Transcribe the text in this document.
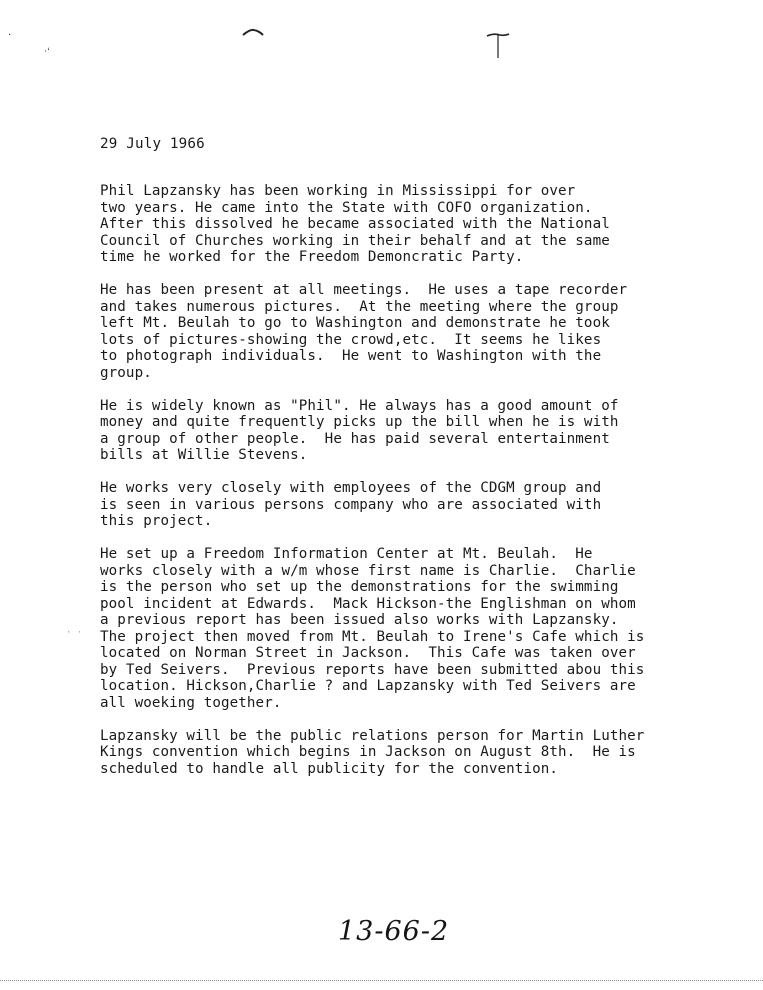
·
·‘
29 July 1966
Phil Lapzansky has been working in Mississippi for over
two years. He came into the State with COFO organization.
After this dissolved he became associated with the National
Council of Churches working in their behalf and at the same
time he worked for the Freedom Demoncratic Party.
He has been present at all meetings.  He uses a tape recorder
and takes numerous pictures.  At the meeting where the group
left Mt. Beulah to go to Washington and demonstrate he took
lots of pictures-showing the crowd,etc.  It seems he likes
to photograph individuals.  He went to Washington with the
group.
He is widely known as "Phil". He always has a good amount of
money and quite frequently picks up the bill when he is with
a group of other people.  He has paid several entertainment
bills at Willie Stevens.
He works very closely with employees of the CDGM group and
is seen in various persons company who are associated with
this project.
He set up a Freedom Information Center at Mt. Beulah.  He
works closely with a w/m whose first name is Charlie.  Charlie
is the person who set up the demonstrations for the swimming
pool incident at Edwards.  Mack Hickson-the Englishman on whom
a previous report has been issued also works with Lapzansky.
The project then moved from Mt. Beulah to Irene's Cafe which is
located on Norman Street in Jackson.  This Cafe was taken over
by Ted Seivers.  Previous reports have been submitted abou this
location. Hickson,Charlie ? and Lapzansky with Ted Seivers are
all woeking together.
Lapzansky will be the public relations person for Martin Luther
Kings convention which begins in Jackson on August 8th.  He is
scheduled to handle all publicity for the convention.
· ·
13-66-2
